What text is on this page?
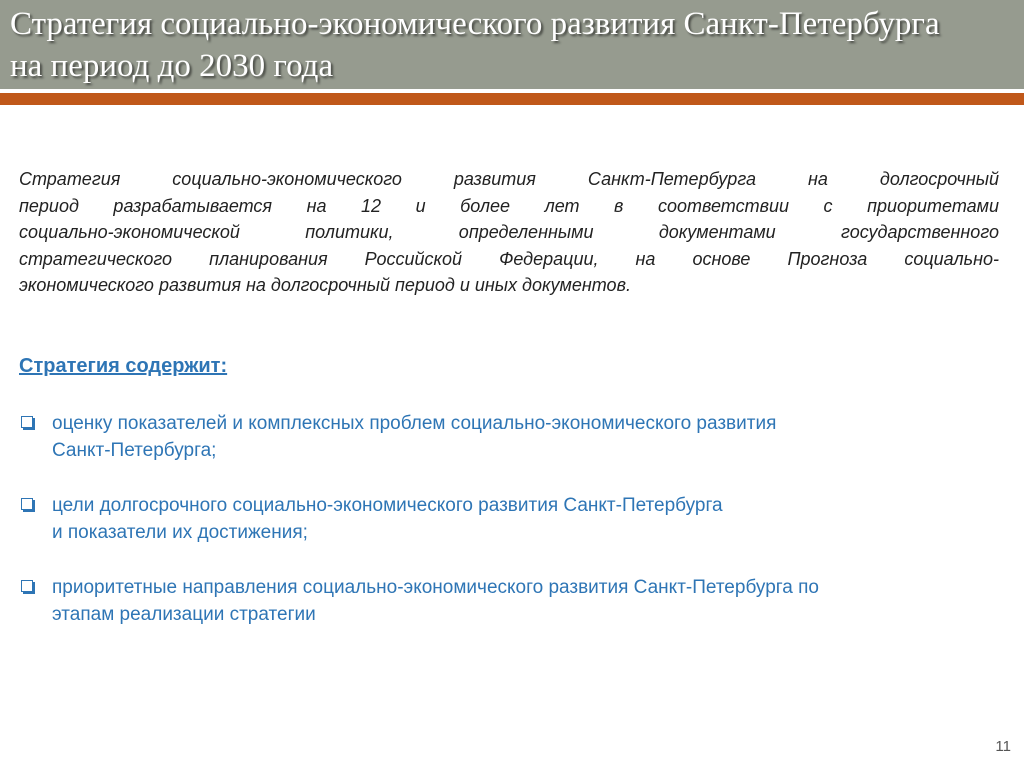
Стратегия социально-экономического развития Санкт-Петербурга
на период до 2030 года

Стратегия социально-экономического развития Санкт-Петербурга на долгосрочный
период разрабатывается на 12 и более лет в соответствии с приоритетами
социально-экономической политики, определенными документами государственного
стратегического планирования Российской Федерации, на основе Прогноза социально-
экономического развития на долгосрочный период и иных документов.

Стратегия содержит:
оценку показателей и комплексных проблем социально-экономического развития
Санкт-Петербурга;
цели долгосрочного социально-экономического развития Санкт-Петербурга
и показатели их достижения;
приоритетные направления социально-экономического развития Санкт-Петербурга по
этапам реализации стратегии
11
